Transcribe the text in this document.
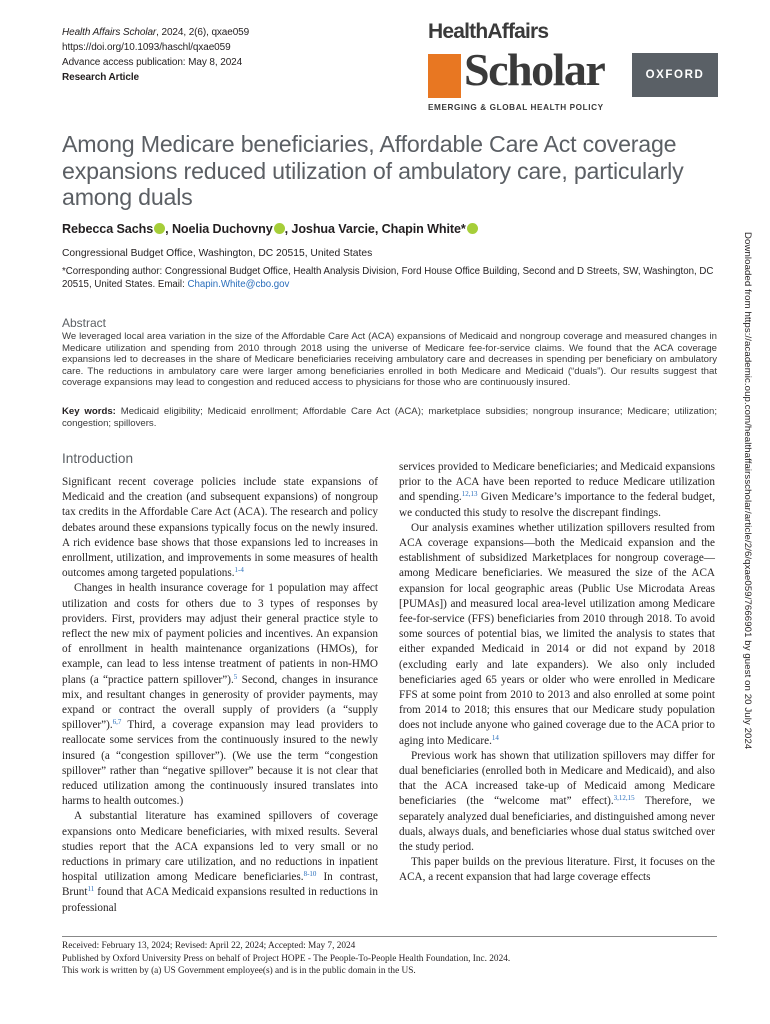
Health Affairs Scholar, 2024, 2(6), qxae059
https://doi.org/10.1093/haschl/qxae059
Advance access publication: May 8, 2024
Research Article
HealthAffairs
Scholar
EMERGING & GLOBAL HEALTH POLICY
OXFORD
Among Medicare beneficiaries, Affordable Care Act coverage expansions reduced utilization of ambulatory care, particularly among duals
Rebecca Sachs , Noelia Duchovny , Joshua Varcie, Chapin White*
Congressional Budget Office, Washington, DC 20515, United States
*Corresponding author: Congressional Budget Office, Health Analysis Division, Ford House Office Building, Second and D Streets, SW, Washington, DC 20515, United States. Email: Chapin.White@cbo.gov
Abstract
We leveraged local area variation in the size of the Affordable Care Act (ACA) expansions of Medicaid and nongroup coverage and measured changes in Medicare utilization and spending from 2010 through 2018 using the universe of Medicare fee-for-service claims. We found that the ACA coverage expansions led to decreases in the share of Medicare beneficiaries receiving ambulatory care and decreases in spending per beneficiary on ambulatory care. The reductions in ambulatory care were larger among beneficiaries enrolled in both Medicare and Medicaid (“duals”). Our results suggest that coverage expansions may lead to congestion and reduced access to physicians for those who are continuously insured.
Key words: Medicaid eligibility; Medicaid enrollment; Affordable Care Act (ACA); marketplace subsidies; nongroup insurance; Medicare; utilization; congestion; spillovers.
Introduction

Significant recent coverage policies include state expansions of Medicaid and the creation (and subsequent expansions) of nongroup tax credits in the Affordable Care Act (ACA). The research and policy debates around these expansions typically focus on the newly insured. A rich evidence base shows that those expansions led to increases in enrollment, utilization, and improvements in some measures of health outcomes among targeted populations.$^{1-4}$

Changes in health insurance coverage for 1 population may affect utilization and costs for others due to 3 types of responses by providers. First, providers may adjust their general practice style to reflect the new mix of payment policies and incentives. An expansion of enrollment in health maintenance organizations (HMOs), for example, can lead to less intense treatment of patients in non-HMO plans (a “practice pattern spillover”).$^5$ Second, changes in insurance mix, and resultant changes in generosity of provider payments, may expand or contract the overall supply of providers (a “supply spillover”).$^{6,7}$ Third, a coverage expansion may lead providers to reallocate some services from the continuously insured to the newly insured (a “congestion spillover”). (We use the term “congestion spillover” rather than “negative spillover” because it is not clear that reduced utilization among the continuously insured translates into harms to health outcomes.)

A substantial literature has examined spillovers of coverage expansions onto Medicare beneficiaries, with mixed results. Several studies report that the ACA expansions led to very small or no reductions in primary care utilization, and no reductions in inpatient hospital utilization among Medicare beneficiaries.$^{8-10}$ In contrast, Brunt$^{11}$ found that ACA Medicaid expansions resulted in reductions in professional

services provided to Medicare beneficiaries; and Medicaid expansions prior to the ACA have been reported to reduce Medicare utilization and spending.$^{12,13}$ Given Medicare’s importance to the federal budget, we conducted this study to resolve the discrepant findings.

Our analysis examines whether utilization spillovers resulted from ACA coverage expansions—both the Medicaid expansion and the establishment of subsidized Marketplaces for nongroup coverage—among Medicare beneficiaries. We measured the size of the ACA expansion for local geographic areas (Public Use Microdata Areas [PUMAs]) and measured local area-level utilization among Medicare fee-for-service (FFS) beneficiaries from 2010 through 2018. To avoid some sources of potential bias, we limited the analysis to states that either expanded Medicaid in 2014 or did not expand by 2018 (excluding early and late expanders). We also only included beneficiaries aged 65 years or older who were enrolled in Medicare FFS at some point from 2010 to 2013 and also enrolled at some point from 2014 to 2018; this ensures that our Medicare study population does not include anyone who gained coverage due to the ACA prior to aging into Medicare.$^{14}$

Previous work has shown that utilization spillovers may differ for dual beneficiaries (enrolled both in Medicare and Medicaid), and also that the ACA increased take-up of Medicaid among Medicare beneficiaries (the “welcome mat” effect).$^{3,12,15}$ Therefore, we separately analyzed dual beneficiaries, and distinguished among never duals, always duals, and beneficiaries whose dual status switched over the study period.

This paper builds on the previous literature. First, it focuses on the ACA, a recent expansion that had large coverage effects

Received: February 13, 2024; Revised: April 22, 2024; Accepted: May 7, 2024
Published by Oxford University Press on behalf of Project HOPE - The People-To-People Health Foundation, Inc. 2024.
This work is written by (a) US Government employee(s) and is in the public domain in the US.
Downloaded from https://academic.oup.com/healthaffairsscholar/article/2/6/qxae059/7666901 by guest on 20 July 2024
